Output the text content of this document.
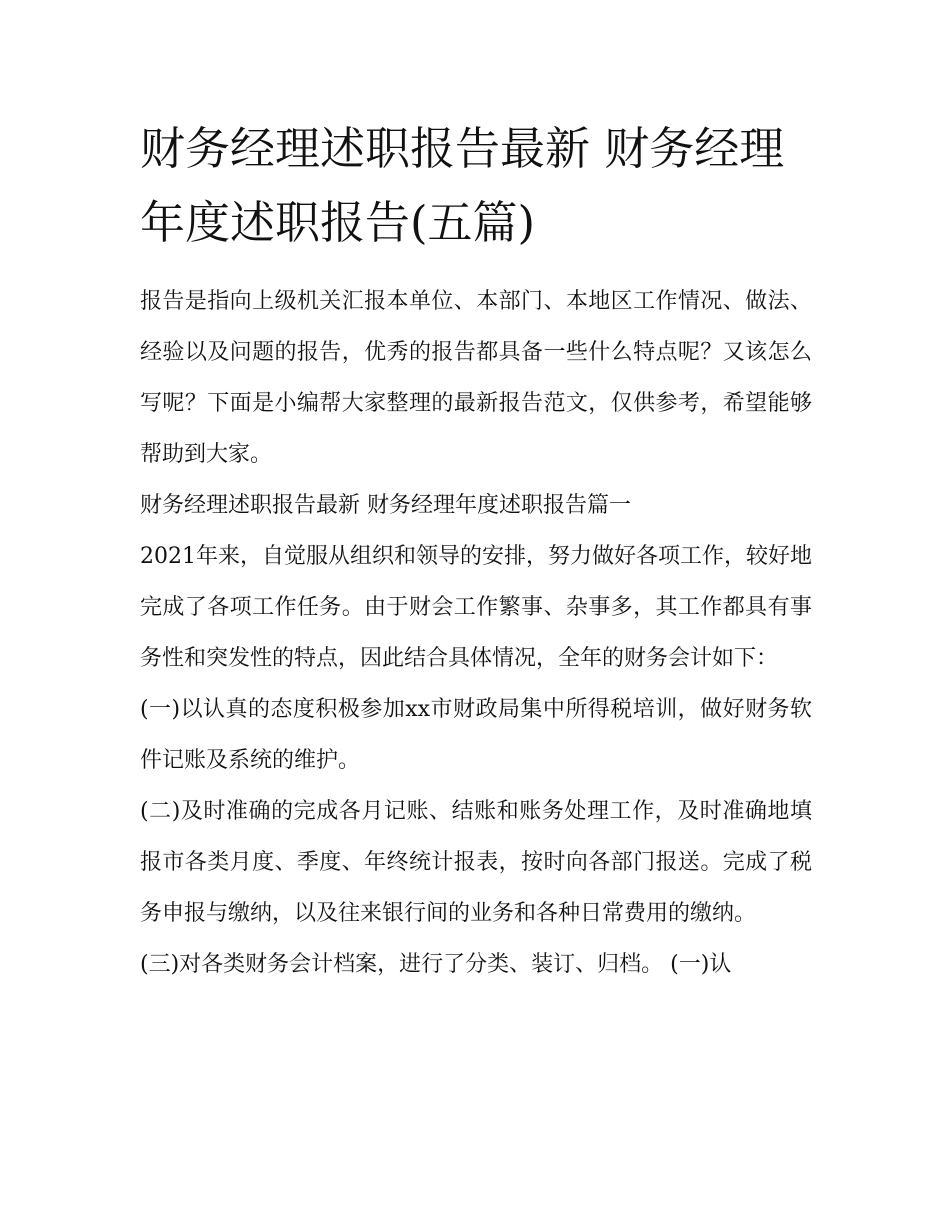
财务经理述职报告最新 财务经理年度述职报告(五篇)

报告是指向上级机关汇报本单位、本部门、本地区工作情况、做法、经验以及问题的报告，优秀的报告都具备一些什么特点呢？又该怎么写呢？下面是小编帮大家整理的最新报告范文，仅供参考，希望能够帮助到大家。

财务经理述职报告最新 财务经理年度述职报告篇一

2021年来，自觉服从组织和领导的安排，努力做好各项工作，较好地完成了各项工作任务。由于财会工作繁事、杂事多，其工作都具有事务性和突发性的特点，因此结合具体情况，全年的财务会计如下：

(一)以认真的态度积极参加xx市财政局集中所得税培训，做好财务软件记账及系统的维护。

(二)及时准确的完成各月记账、结账和账务处理工作，及时准确地填报市各类月度、季度、年终统计报表，按时向各部门报送。完成了税务申报与缴纳，以及往来银行间的业务和各种日常费用的缴纳。

(三)对各类财务会计档案，进行了分类、装订、归档。 (一)认
